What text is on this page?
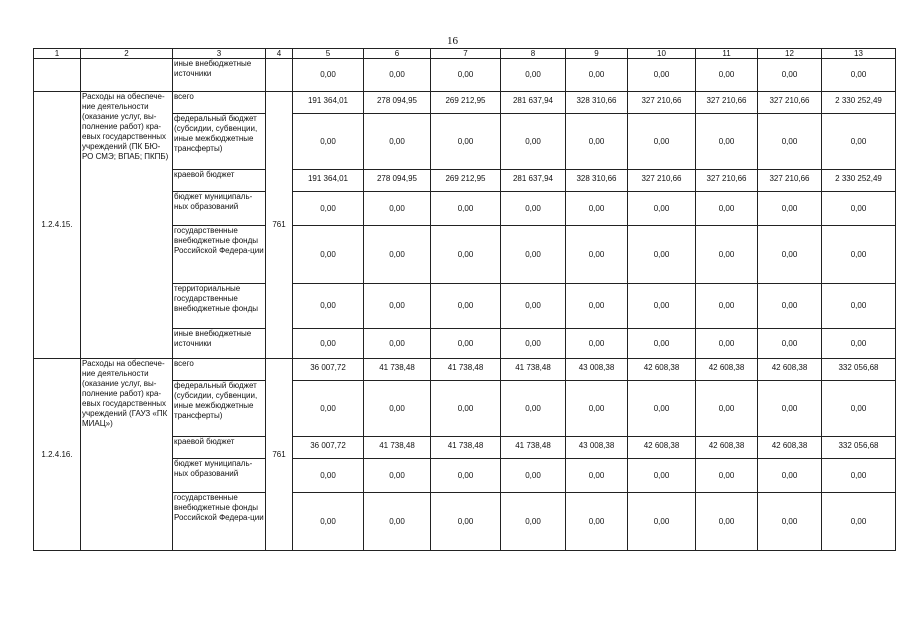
16
1	2	3	4	5	6	7	8	9	10	11	12	13
		иные внебюджетные источники		0,00	0,00	0,00	0,00	0,00	0,00	0,00	0,00	0,00
1.2.4.15.	Расходы на обеспече-ние деятельности (оказание услуг, вы-полнение работ) кра-евых государственных учреждений (ПК БЮ-РО СМЭ; ВПАБ; ПКПБ)	всего	761	191 364,01	278 094,95	269 212,95	281 637,94	328 310,66	327 210,66	327 210,66	327 210,66	2 330 252,49
		федеральный бюджет (субсидии, субвенции, иные межбюджетные трансферты)		0,00	0,00	0,00	0,00	0,00	0,00	0,00	0,00	0,00
		краевой бюджет		191 364,01	278 094,95	269 212,95	281 637,94	328 310,66	327 210,66	327 210,66	327 210,66	2 330 252,49
		бюджет муниципаль-ных образований		0,00	0,00	0,00	0,00	0,00	0,00	0,00	0,00	0,00
		государственные внебюджетные фонды Российской Федера-ции		0,00	0,00	0,00	0,00	0,00	0,00	0,00	0,00	0,00
		территориальные государственные внебюджетные фонды		0,00	0,00	0,00	0,00	0,00	0,00	0,00	0,00	0,00
		иные внебюджетные источники		0,00	0,00	0,00	0,00	0,00	0,00	0,00	0,00	0,00
1.2.4.16.	Расходы на обеспече-ние деятельности (оказание услуг, вы-полнение работ) кра-евых государственных учреждений (ГАУЗ «ПК МИАЦ»)	всего	761	36 007,72	41 738,48	41 738,48	41 738,48	43 008,38	42 608,38	42 608,38	42 608,38	332 056,68
		федеральный бюджет (субсидии, субвенции, иные межбюджетные трансферты)		0,00	0,00	0,00	0,00	0,00	0,00	0,00	0,00	0,00
		краевой бюджет		36 007,72	41 738,48	41 738,48	41 738,48	43 008,38	42 608,38	42 608,38	42 608,38	332 056,68
		бюджет муниципаль-ных образований		0,00	0,00	0,00	0,00	0,00	0,00	0,00	0,00	0,00
		государственные внебюджетные фонды Российской Федера-ции		0,00	0,00	0,00	0,00	0,00	0,00	0,00	0,00	0,00
